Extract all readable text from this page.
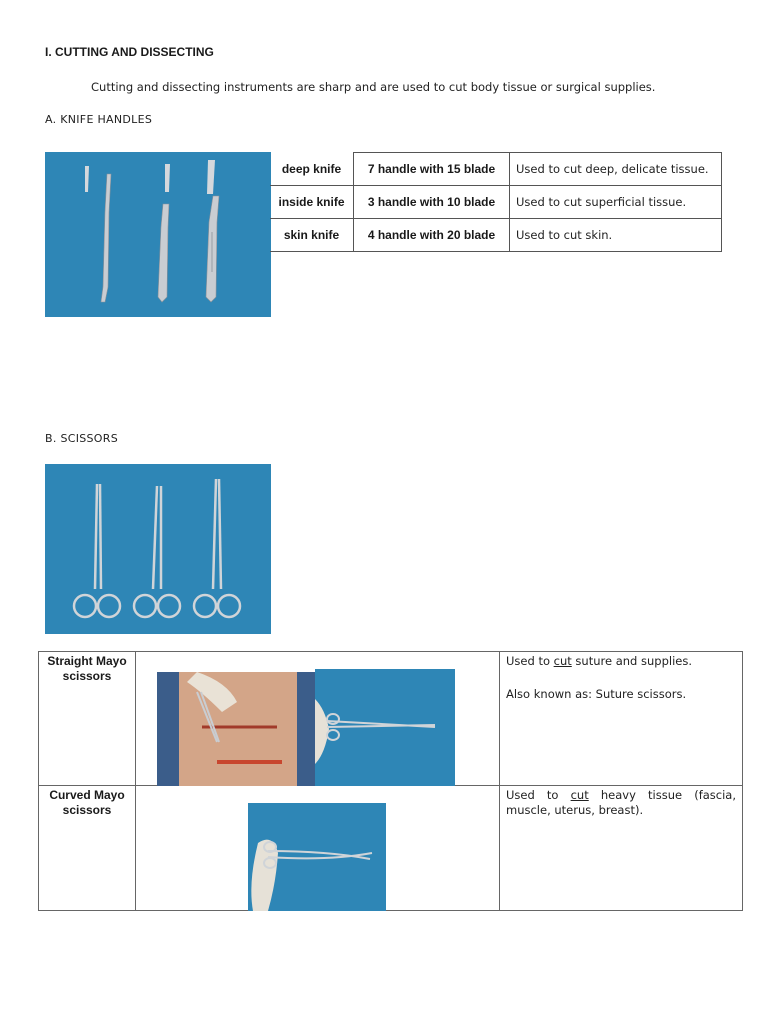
I. CUTTING AND DISSECTING
Cutting and dissecting instruments are sharp and are used to cut body tissue or surgical supplies.
A. KNIFE HANDLES
deep knife	7 handle with 15 blade	Used to cut deep, delicate tissue.
inside knife	3 handle with 10 blade	Used to cut superficial tissue.
skin knife	4 handle with 20 blade	Used to cut skin.
B. SCISSORS
Straight Mayo scissors		Used to cut suture and supplies.
Also known as: Suture scissors.

Curved Mayo scissors		Used to cut heavy tissue (fascia, muscle, uterus, breast).
